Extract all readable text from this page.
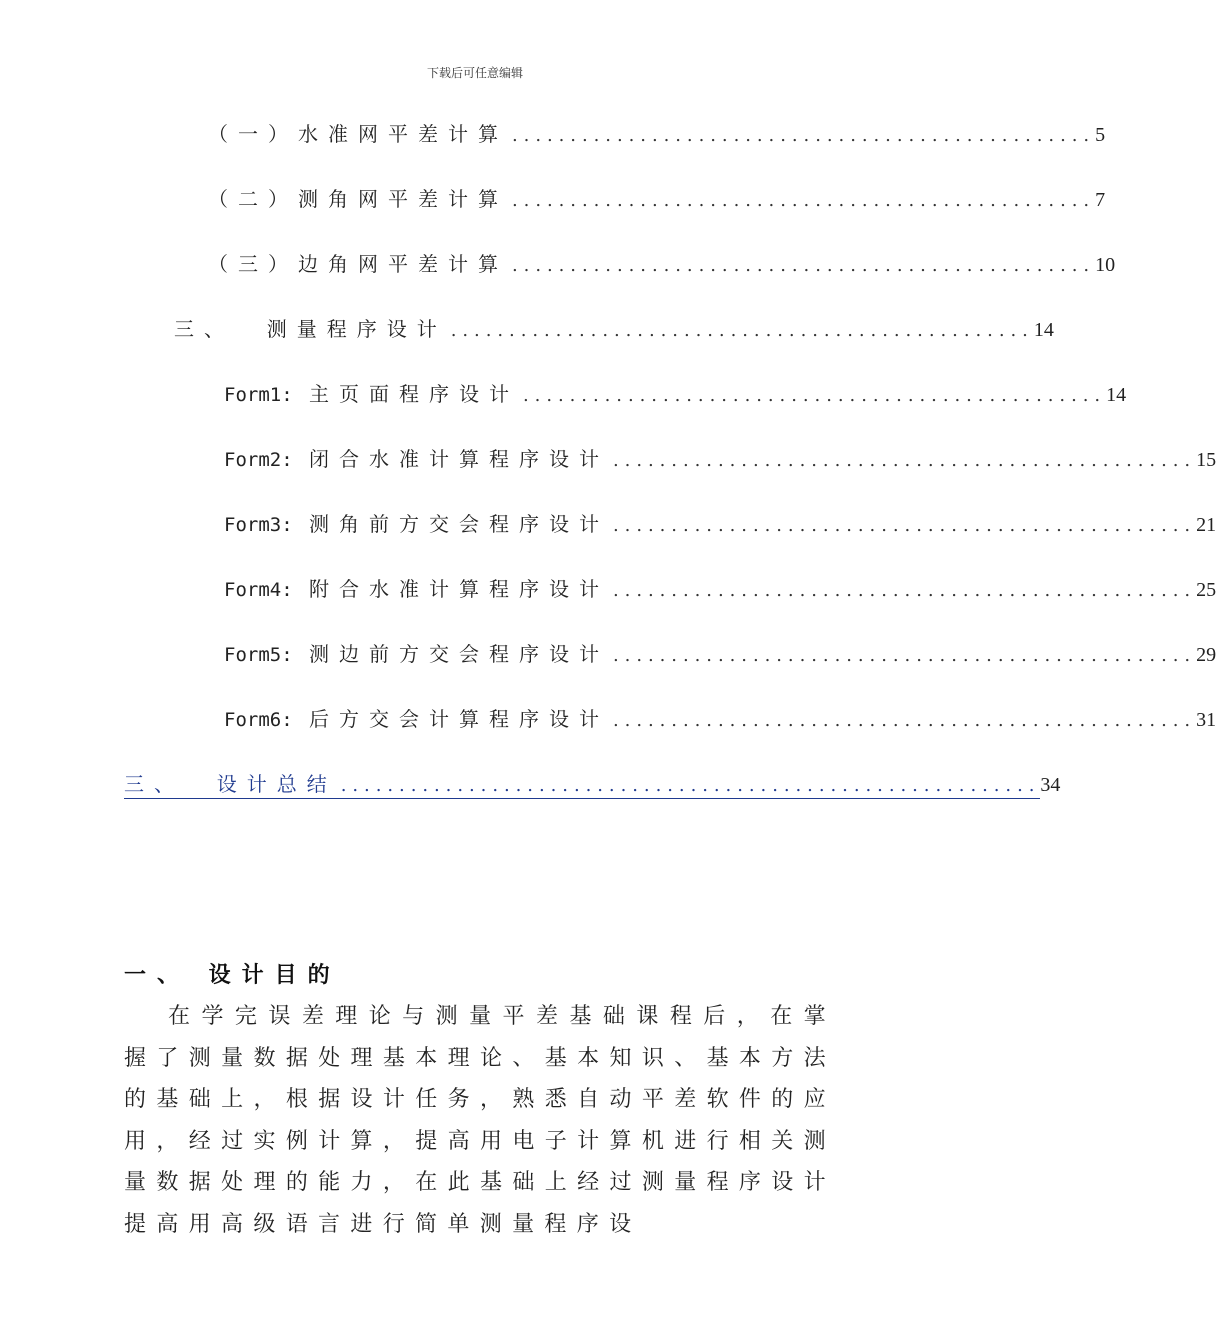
下载后可任意编辑
（一）水准网平差计算 .................................................. 5
（二）测角网平差计算 .................................................. 7
（三）边角网平差计算 .................................................. 10
三、  测量程序设计 .................................................. 14
Form1: 主页面程序设计 .................................................. 14
Form2: 闭合水准计算程序设计 .................................................. 15
Form3: 测角前方交会程序设计 .................................................. 21
Form4: 附合水准计算程序设计 .................................................. 25
Form5: 测边前方交会程序设计 .................................................. 29
Form6: 后方交会计算程序设计 .................................................. 31
三、  设计总结 ............................................................ 34
一、 设计目的
在学完误差理论与测量平差基础课程后，在掌握了测量数据处理基本理论、基本知识、基本方法的基础上，根据设计任务，熟悉自动平差软件的应用，经过实例计算，提高用电子计算机进行相关测量数据处理的能力，在此基础上经过测量程序设计提高用高级语言进行简单测量程序设
